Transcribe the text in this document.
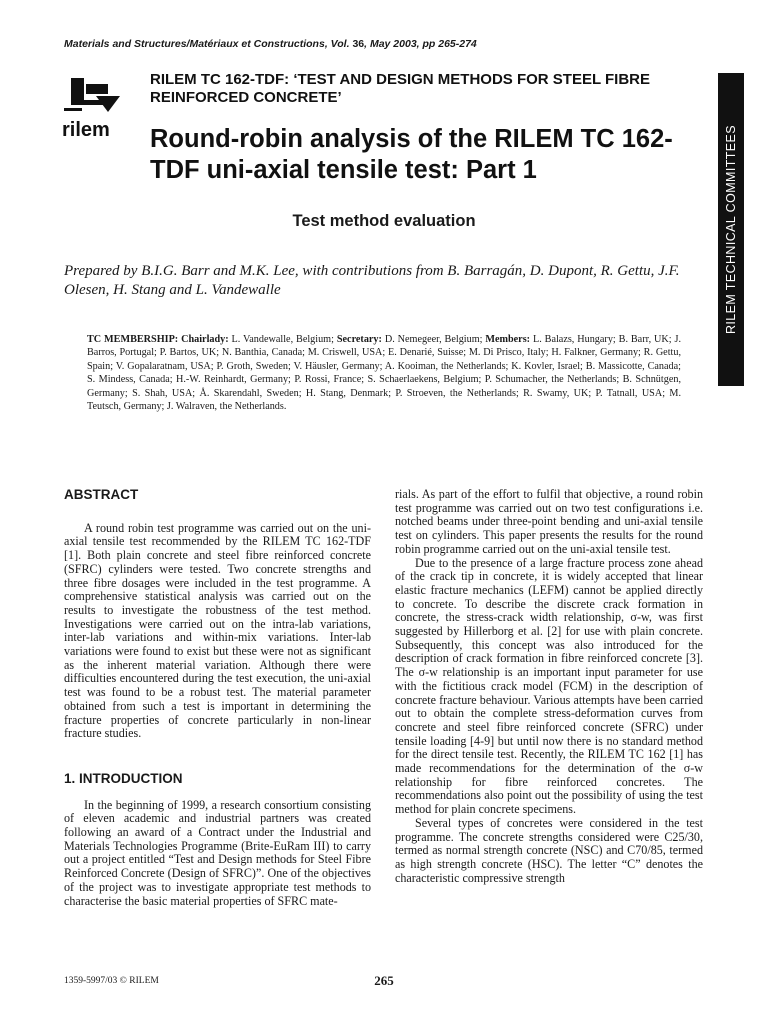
Materials and Structures/Matériaux et Constructions, Vol. 36, May 2003, pp 265-274
rilem
RILEM TC 162-TDF: ‘TEST AND DESIGN METHODS FOR STEEL FIBRE REINFORCED CONCRETE’
Round-robin analysis of the RILEM TC 162-TDF uni-axial tensile test: Part 1
Test method evaluation
Prepared by B.I.G. Barr and M.K. Lee, with contributions from B. Barragán, D. Dupont, R. Gettu, J.F. Olesen, H. Stang and L. Vandewalle	RILEM TECHNICAL COMMITTEES
TC MEMBERSHIP: Chairlady: L. Vandewalle, Belgium; Secretary: D. Nemegeer, Belgium; Members: L. Balazs, Hungary; B. Barr, UK; J. Barros, Portugal; P. Bartos, UK; N. Banthia, Canada; M. Criswell, USA; E. Denarié, Suisse; M. Di Prisco, Italy; H. Falkner, Germany; R. Gettu, Spain; V. Gopalaratnam, USA; P. Groth, Sweden; V. Häusler, Germany; A. Kooiman, the Netherlands; K. Kovler, Israel; B. Massicotte, Canada; S. Mindess, Canada; H.-W. Reinhardt, Germany; P. Rossi, France; S. Schaerlaekens, Belgium; P. Schumacher, the Netherlands; B. Schnütgen, Germany; S. Shah, USA; Å. Skarendahl, Sweden; H. Stang, Denmark; P. Stroeven, the Netherlands; R. Swamy, UK; P. Tatnall, USA; M. Teutsch, Germany; J. Walraven, the Netherlands.
ABSTRACT

A round robin test programme was carried out on the uni-axial tensile test recommended by the RILEM TC 162-TDF [1]. Both plain concrete and steel fibre reinforced concrete (SFRC) cylinders were tested. Two concrete strengths and three fibre dosages were included in the test programme. A comprehensive statistical analysis was carried out on the results to investigate the robustness of the test method. Investigations were carried out on the intra-lab variations, inter-lab variations and within-mix variations. Inter-lab variations were found to exist but these were not as significant as the inherent material variation. Although there were difficulties encountered during the test execution, the uni-axial test was found to be a robust test. The material parameter obtained from such a test is important in determining the fracture properties of concrete particularly in non-linear fracture studies.

1. INTRODUCTION

In the beginning of 1999, a research consortium consisting of eleven academic and industrial partners was created following an award of a Contract under the Industrial and Materials Technologies Programme (Brite-EuRam III) to carry out a project entitled “Test and Design methods for Steel Fibre Reinforced Concrete (Design of SFRC)”. One of the objectives of the project was to investigate appropriate test methods to characterise the basic material properties of SFRC mate-

rials. As part of the effort to fulfil that objective, a round robin test programme was carried out on two test configurations i.e. notched beams under three-point bending and uni-axial tensile test on cylinders. This paper presents the results for the round robin programme carried out on the uni-axial tensile test.

Due to the presence of a large fracture process zone ahead of the crack tip in concrete, it is widely accepted that linear elastic fracture mechanics (LEFM) cannot be applied directly to concrete. To describe the discrete crack formation in concrete, the stress-crack width relationship, σ-w, was first suggested by Hillerborg et al. [2] for use with plain concrete. Subsequently, this concept was also introduced for the description of crack formation in fibre reinforced concrete [3]. The σ-w relationship is an important input parameter for use with the fictitious crack model (FCM) in the description of concrete fracture behaviour. Various attempts have been carried out to obtain the complete stress-deformation curves from concrete and steel fibre reinforced concrete (SFRC) under tensile loading [4-9] but until now there is no standard method for the direct tensile test. Recently, the RILEM TC 162 [1] has made recommendations for the determination of the σ-w relationship for fibre reinforced concretes. The recommendations also point out the possibility of using the test method for plain concrete specimens.

Several types of concretes were considered in the test programme. The concrete strengths considered were C25/30, termed as normal strength concrete (NSC) and C70/85, termed as high strength concrete (HSC). The letter “C” denotes the characteristic compressive strength

1359-5997/03 © RILEM	265
